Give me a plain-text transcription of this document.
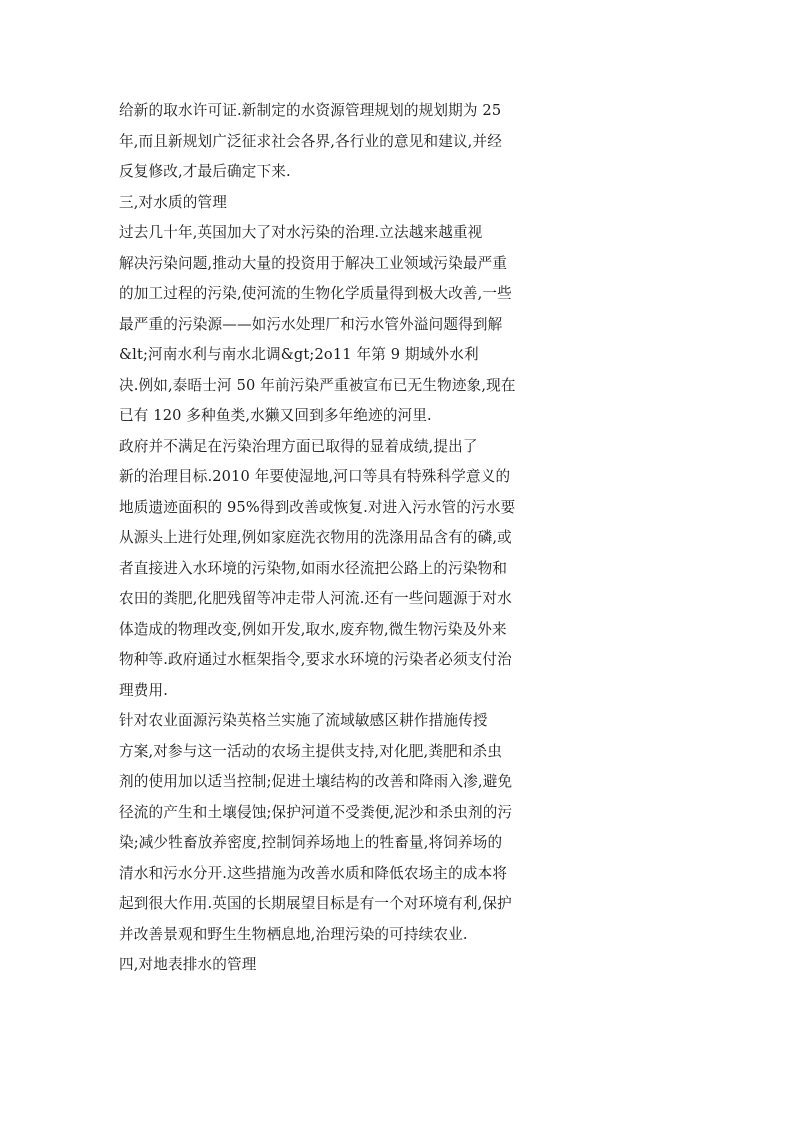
给新的取水许可证.新制定的水资源管理规划的规划期为 25
年,而且新规划广泛征求社会各界,各行业的意见和建议,并经
反复修改,才最后确定下来.
三,对水质的管理
过去几十年,英国加大了对水污染的治理.立法越来越重视
解决污染问题,推动大量的投资用于解决工业领域污染最严重
的加工过程的污染,使河流的生物化学质量得到极大改善,一些
最严重的污染源——如污水处理厂和污水管外溢问题得到解
&lt;河南水利与南水北调&gt;2o11 年第 9 期域外水利
决.例如,泰晤士河 50 年前污染严重被宣布已无生物迹象,现在
已有 120 多种鱼类,水獭又回到多年绝迹的河里.
政府并不满足在污染治理方面已取得的显着成绩,提出了
新的治理目标.2010 年要使湿地,河口等具有特殊科学意义的
地质遗迹面积的 95%得到改善或恢复.对进入污水管的污水要
从源头上进行处理,例如家庭洗衣物用的洗涤用品含有的磷,或
者直接进入水环境的污染物,如雨水径流把公路上的污染物和
农田的粪肥,化肥残留等冲走带人河流.还有一些问题源于对水
体造成的物理改变,例如开发,取水,废弃物,微生物污染及外来
物种等.政府通过水框架指令,要求水环境的污染者必须支付治
理费用.
针对农业面源污染英格兰实施了流域敏感区耕作措施传授
方案,对参与这一活动的农场主提供支持,对化肥,粪肥和杀虫
剂的使用加以适当控制;促进土壤结构的改善和降雨入渗,避免
径流的产生和土壤侵蚀;保护河道不受粪便,泥沙和杀虫剂的污
染;减少牲畜放养密度,控制饲养场地上的牲畜量,将饲养场的
清水和污水分开.这些措施为改善水质和降低农场主的成本将
起到很大作用.英国的长期展望目标是有一个对环境有利,保护
并改善景观和野生生物栖息地,治理污染的可持续农业.
四,对地表排水的管理
